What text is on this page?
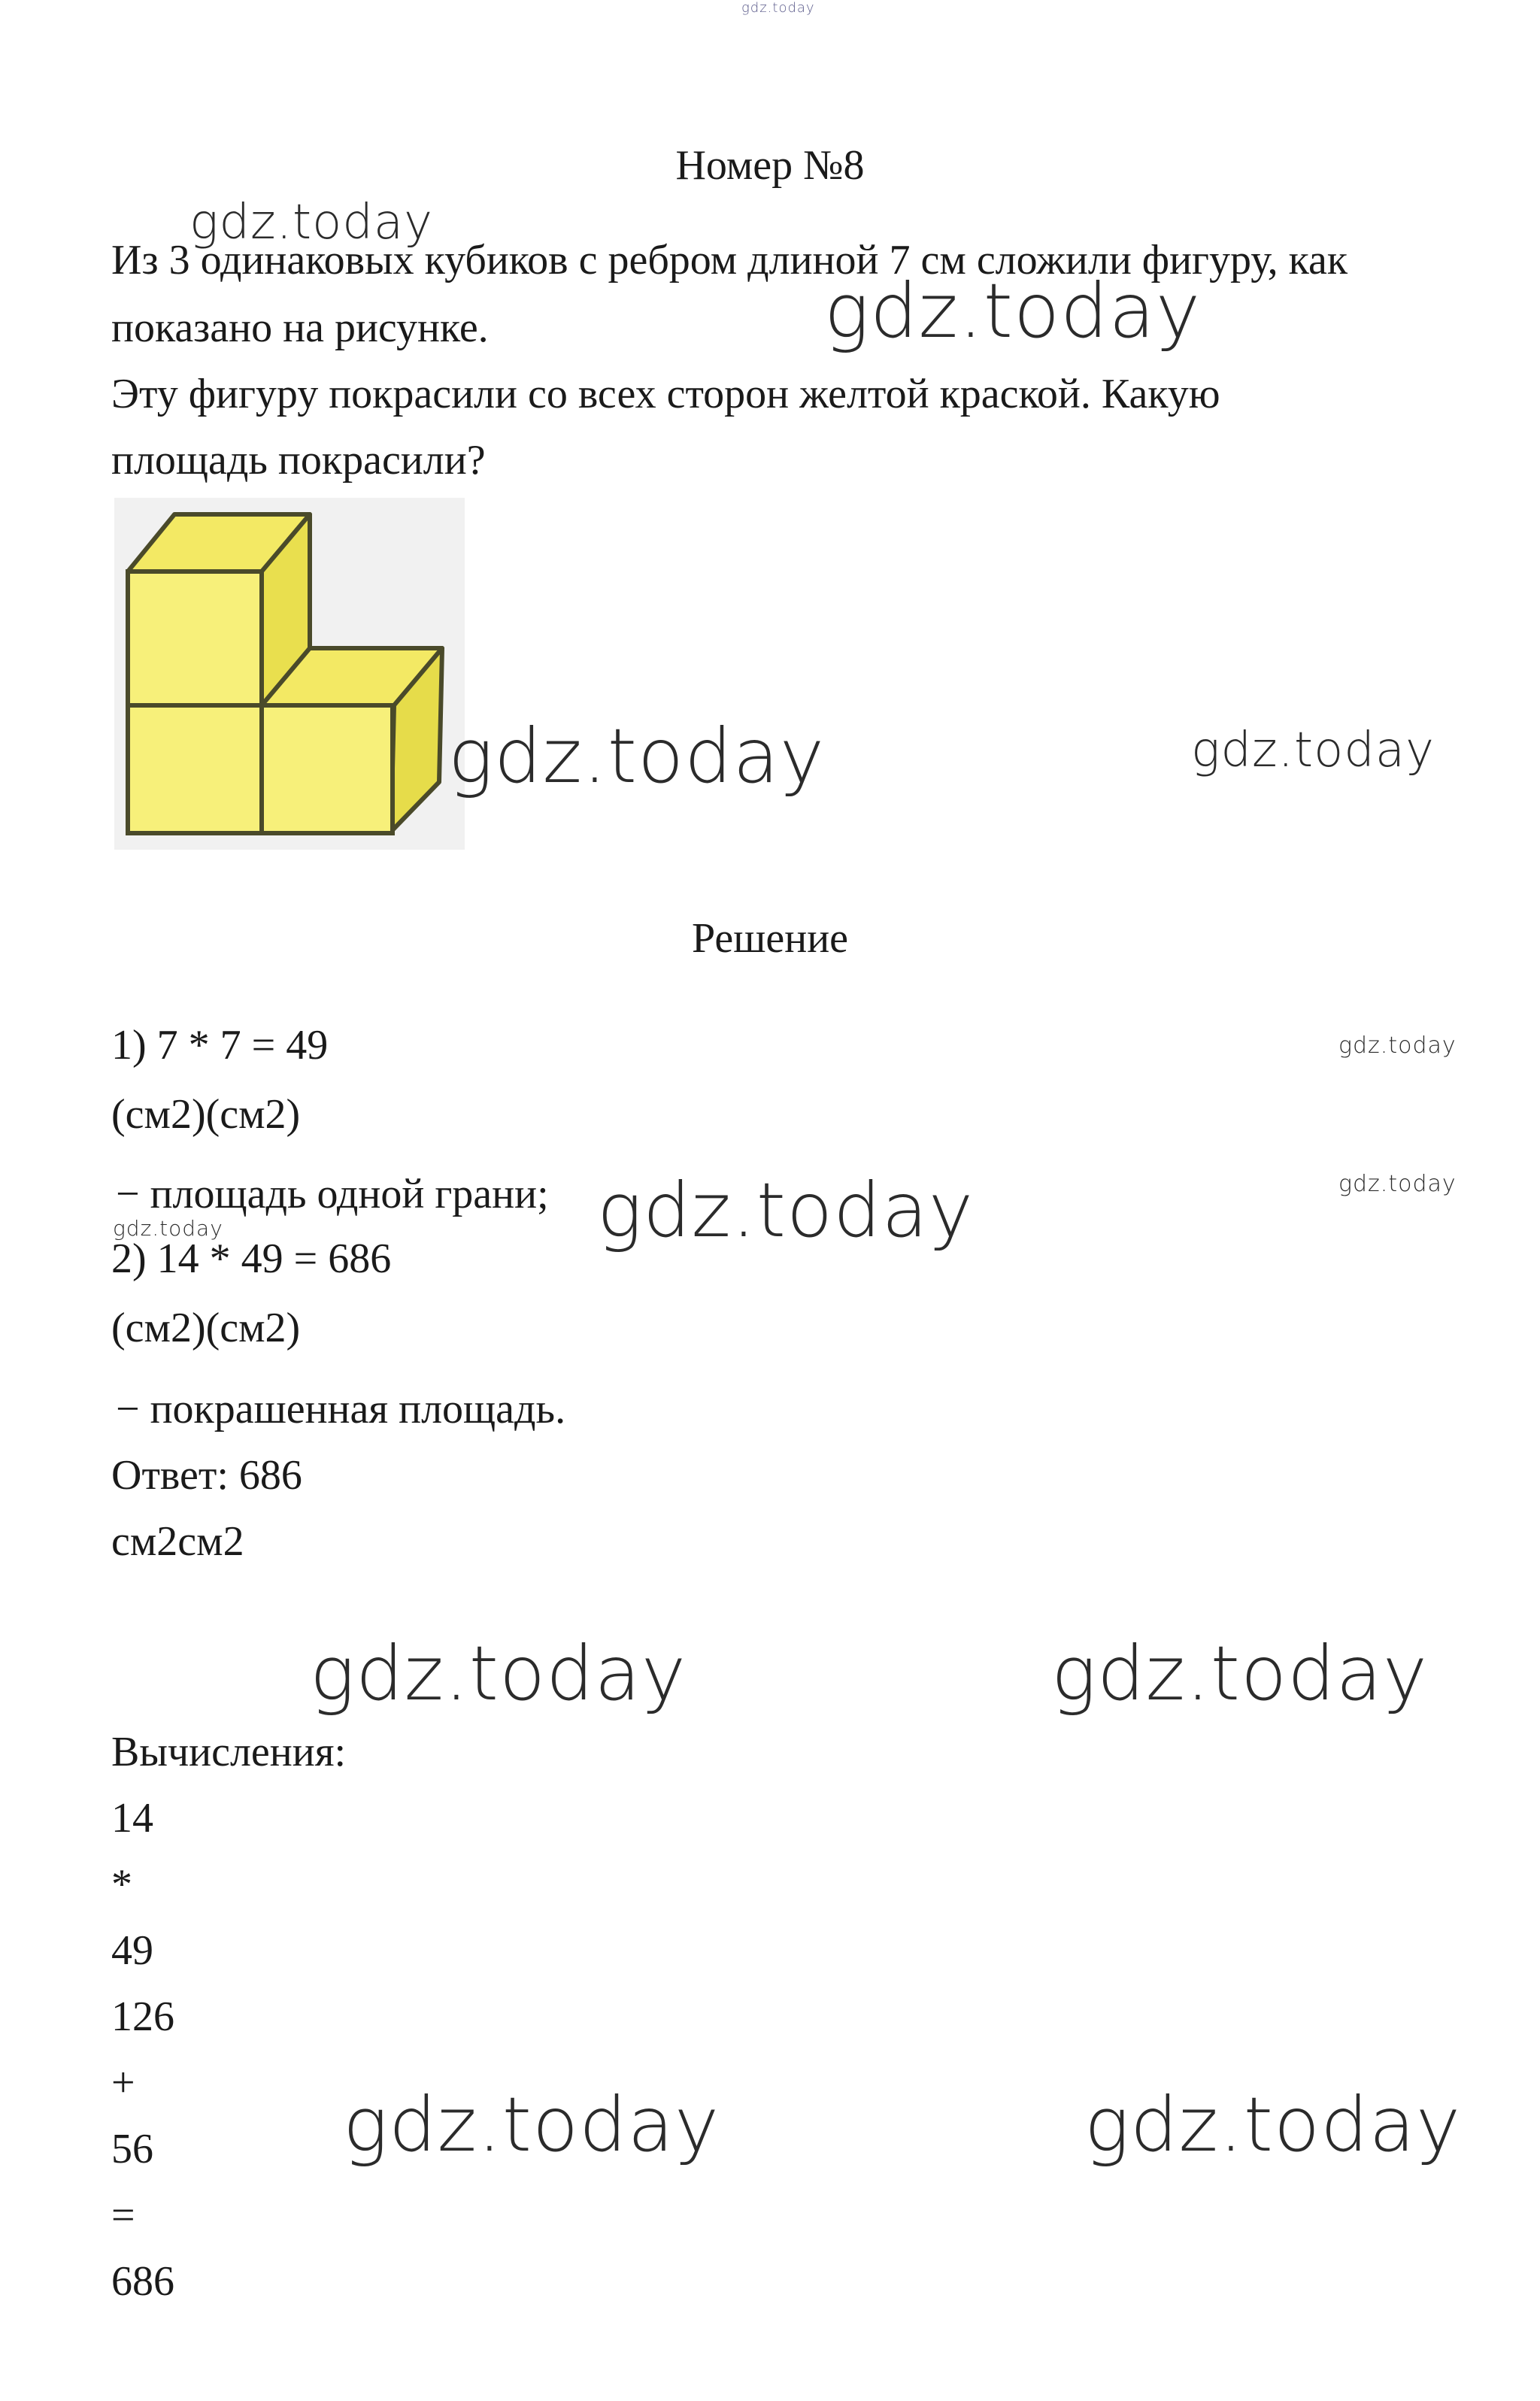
gdz.today
Номер №8
Из 3 одинаковых кубиков с ребром длиной 7 см сложили фигуру, как
показано на рисунке.
Эту фигуру покрасили со всех сторон желтой краской. Какую
площадь покрасили?
gdz.today
gdz.today
gdz.today	gdz.today
Решение
1) 7 * 7 = 49
(см2)(см2)
− площадь одной грани;
2) 14 * 49 = 686
(см2)(см2)
− покрашенная площадь.
Ответ: 686
см2см2
gdz.today
gdz.today
gdz.today	gdz.today
gdz.today	gdz.today
Вычисления:
14
*
49
126
+
56
=
686
gdz.today	gdz.today
